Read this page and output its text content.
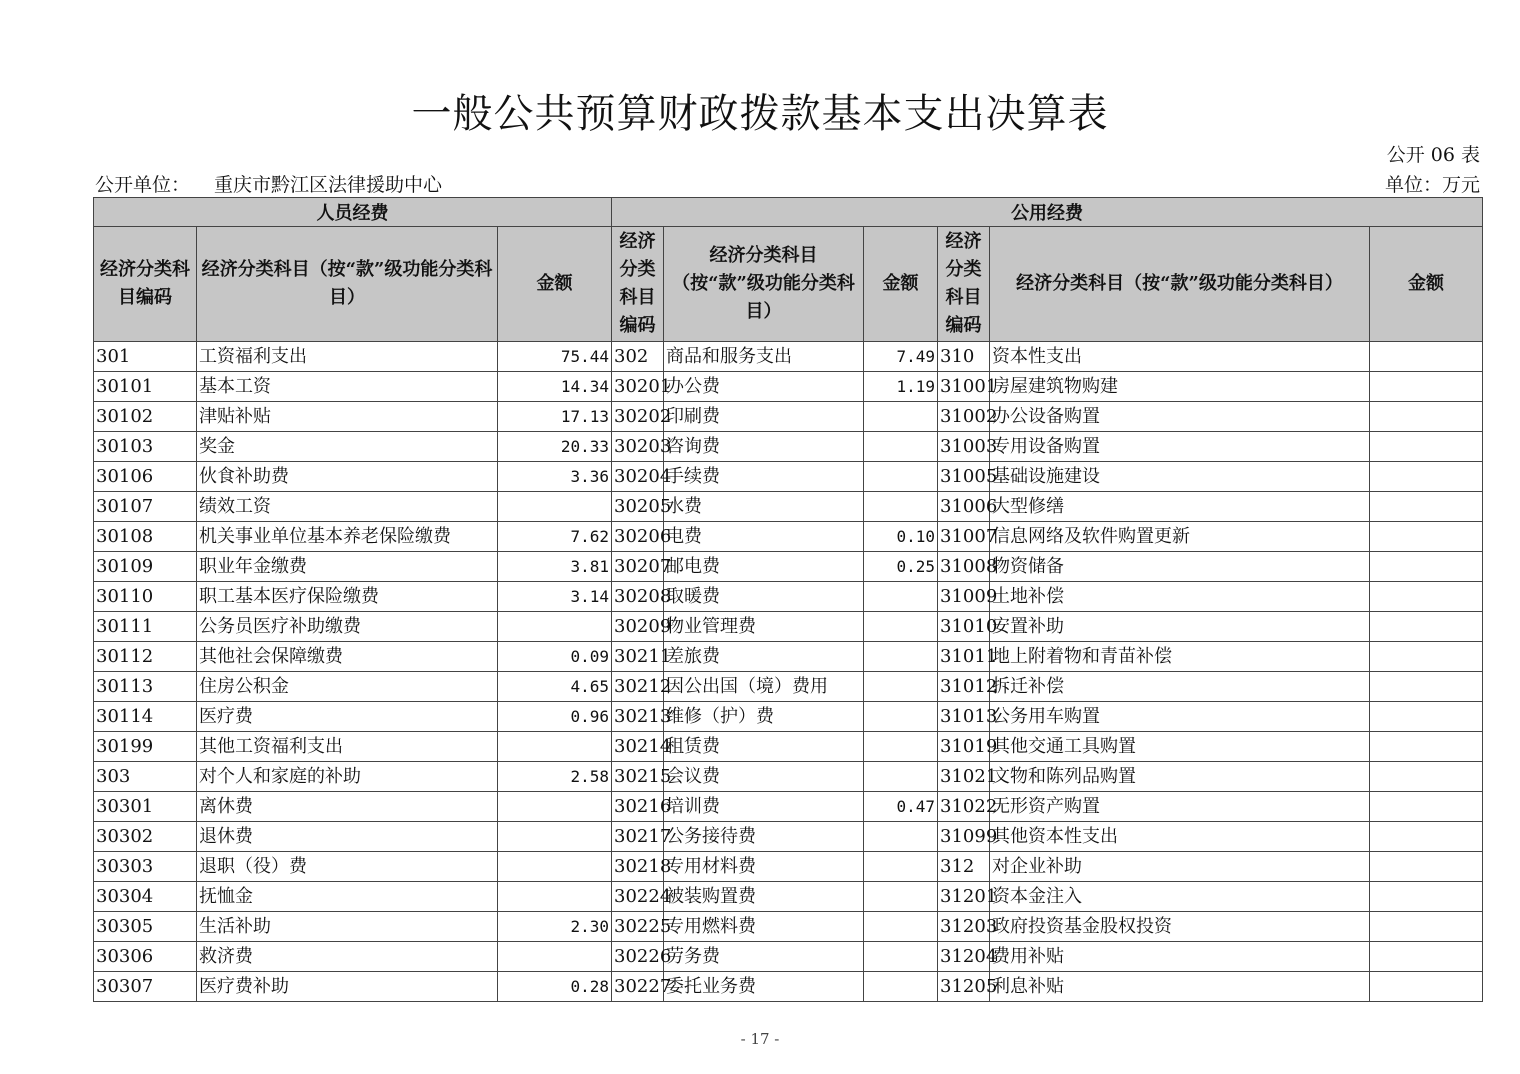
一般公共预算财政拨款基本支出决算表
公开 06 表
公开单位： 重庆市黔江区法律援助中心	单位：万元
人员经费			公用经费					
经济分类科目编码	经济分类科目（按“款”级功能分类科目）	金额	经济分类科目编码	经济分类科目（按“款”级功能分类科目）	金额	经济分类科目编码	经济分类科目（按“款”级功能分类科目）	金额
301	工资福利支出	75.44	302	商品和服务支出	7.49	310	资本性支出	
30101	基本工资	14.34	30201	办公费	1.19	31001	房屋建筑物购建	
30102	津贴补贴	17.13	30202	印刷费		31002	办公设备购置	
30103	奖金	20.33	30203	咨询费		31003	专用设备购置	
30106	伙食补助费	3.36	30204	手续费		31005	基础设施建设	
30107	绩效工资		30205	水费		31006	大型修缮	
30108	机关事业单位基本养老保险缴费	7.62	30206	电费	0.10	31007	信息网络及软件购置更新	
30109	职业年金缴费	3.81	30207	邮电费	0.25	31008	物资储备	
30110	职工基本医疗保险缴费	3.14	30208	取暖费		31009	土地补偿	
30111	公务员医疗补助缴费		30209	物业管理费		31010	安置补助	
30112	其他社会保障缴费	0.09	30211	差旅费		31011	地上附着物和青苗补偿	
30113	住房公积金	4.65	30212	因公出国（境）费用		31012	拆迁补偿	
30114	医疗费	0.96	30213	维修（护）费		31013	公务用车购置	
30199	其他工资福利支出		30214	租赁费		31019	其他交通工具购置	
303	对个人和家庭的补助	2.58	30215	会议费		31021	文物和陈列品购置	
30301	离休费		30216	培训费	0.47	31022	无形资产购置	
30302	退休费		30217	公务接待费		31099	其他资本性支出	
30303	退职（役）费		30218	专用材料费		312	对企业补助	
30304	抚恤金		30224	被装购置费		31201	资本金注入	
30305	生活补助	2.30	30225	专用燃料费		31203	政府投资基金股权投资	
30306	救济费		30226	劳务费		31204	费用补贴	
30307	医疗费补助	0.28	30227	委托业务费		31205	利息补贴	
- 17 -
